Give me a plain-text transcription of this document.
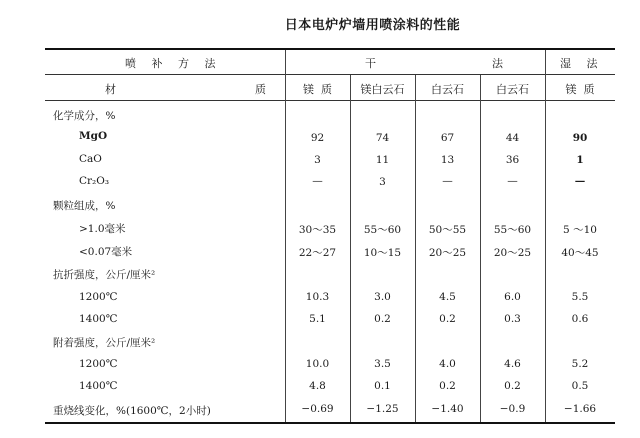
日本电炉炉墙用喷涂料的性能
喷 补 方 法	干	法	湿 法
材	质	镁  质	镁白云石	白云石	白云石	镁  质
化学成分，%
MgO	92	74	67	44	90
CaO	3	11	13	36	1
Cr₂O₃	—	3	—	—	—
颗粒组成，%
>1.0毫米	30～35	55～60	50～55	55～60	5 ～10
<0.07毫米	22～27	10～15	20～25	20～25	40～45
抗折强度，公斤/厘米²
1200℃	10.3	3.0	4.5	6.0	5.5
1400℃	5.1	0.2	0.2	0.3	0.6
附着强度，公斤/厘米²
1200℃	10.0	3.5	4.0	4.6	5.2
1400℃	4.8	0.1	0.2	0.2	0.5
重烧线变化，%(1600℃，2小时)	−0.69	−1.25	−1.40	−0.9	−1.66
